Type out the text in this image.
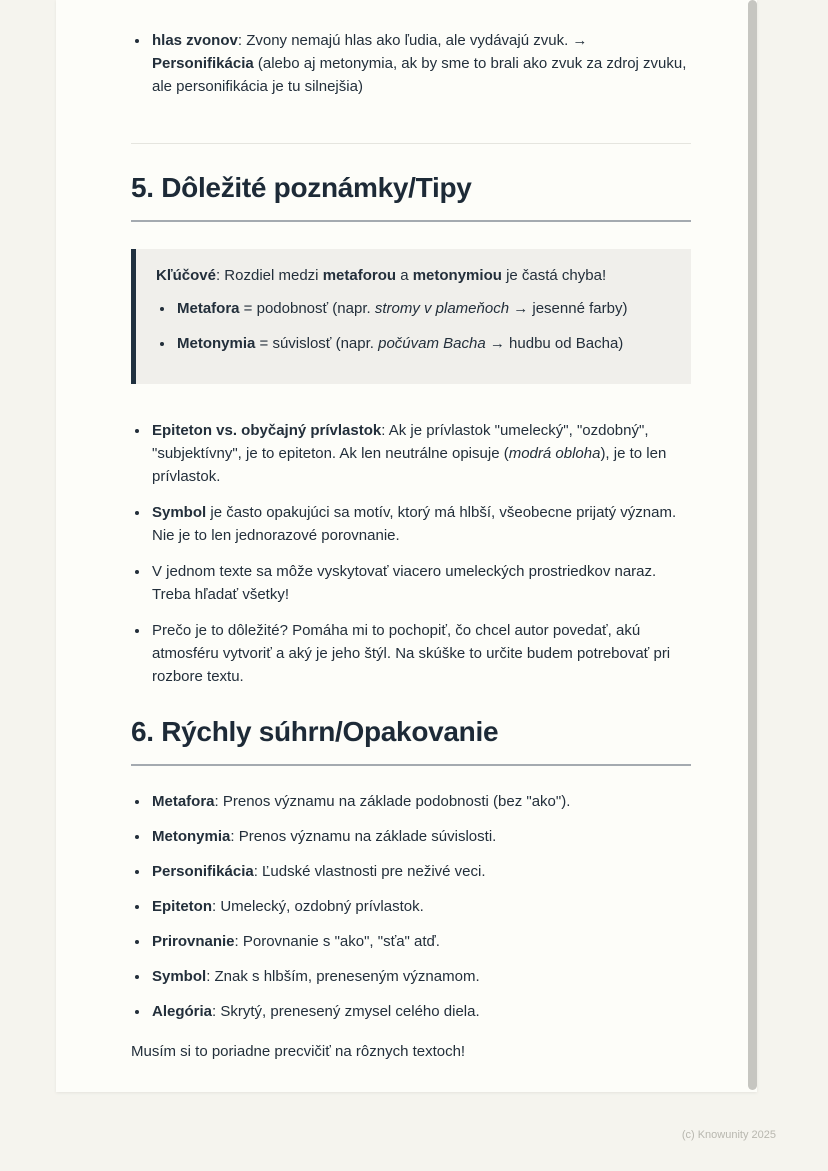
• hlas zvonov: Zvony nemajú hlas ako ľudia, ale vydávajú zvuk. → Personifikácia (alebo aj metonymia, ak by sme to brali ako zvuk za zdroj zvuku, ale personifikácia je tu silnejšia)
5. Dôležité poznámky/Tipy

Kľúčové: Rozdiel medzi metaforou a metonymiou je častá chyba!

• Metafora = podobnosť (napr. stromy v plameňoch → jesenné farby)
• Metonymia = súvislosť (napr. počúvam Bacha → hudbu od Bacha)
• Epiteton vs. obyčajný prívlastok: Ak je prívlastok "umelecký", "ozdobný", "subjektívny", je to epiteton. Ak len neutrálne opisuje (modrá obloha), je to len prívlastok.
• Symbol je často opakujúci sa motív, ktorý má hlbší, všeobecne prijatý význam. Nie je to len jednorazové porovnanie.
• V jednom texte sa môže vyskytovať viacero umeleckých prostriedkov naraz. Treba hľadať všetky!
• Prečo je to dôležité? Pomáha mi to pochopiť, čo chcel autor povedať, akú atmosféru vytvoriť a aký je jeho štýl. Na skúške to určite budem potrebovať pri rozbore textu.
6. Rýchly súhrn/Opakovanie
• Metafora: Prenos významu na základe podobnosti (bez "ako").
• Metonymia: Prenos významu na základe súvislosti.
• Personifikácia: Ľudské vlastnosti pre neživé veci.
• Epiteton: Umelecký, ozdobný prívlastok.
• Prirovnanie: Porovnanie s "ako", "sťa" atď.
• Symbol: Znak s hlbším, preneseným významom.
• Alegória: Skrytý, prenesený zmysel celého diela.

Musím si to poriadne precvičiť na rôznych textoch!

(c) Knowunity 2025
